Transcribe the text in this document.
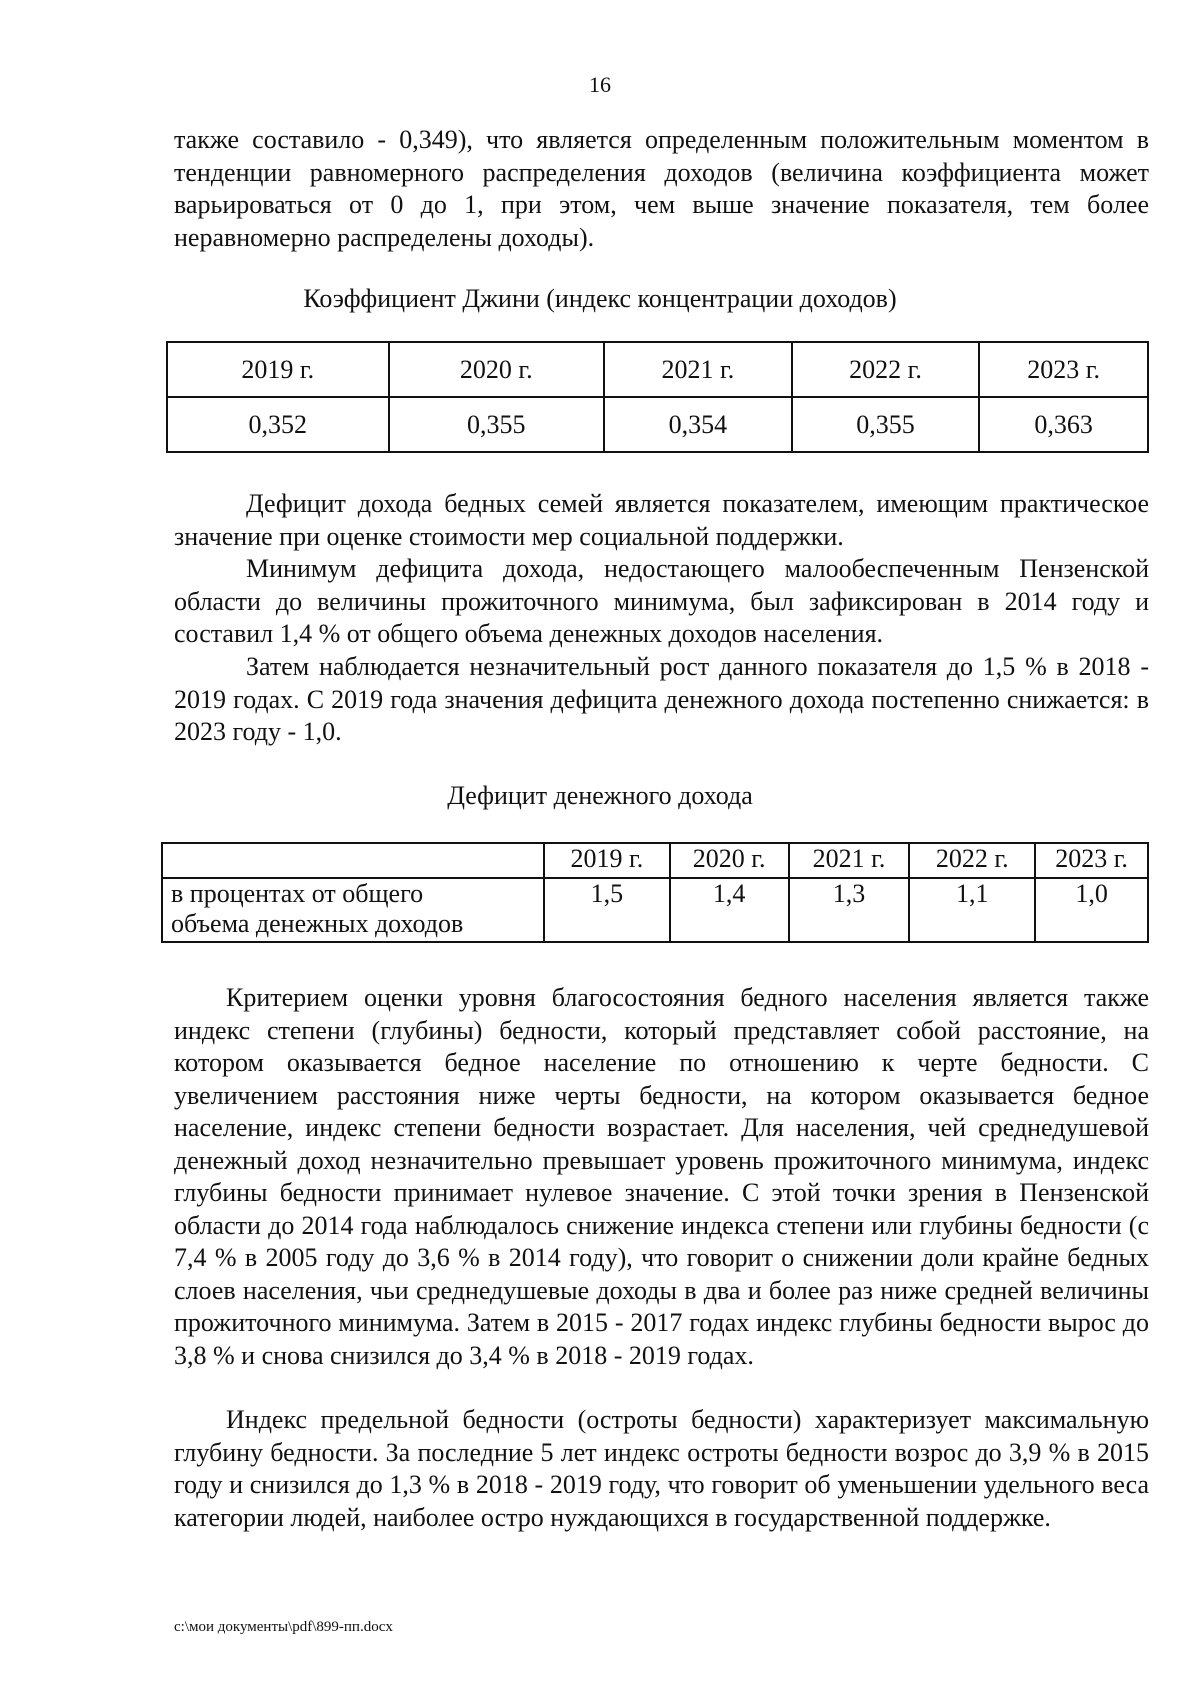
16

также составило - 0,349), что является определенным положительным моментом в тенденции равномерного распределения доходов (величина коэффициента может варьироваться от 0 до 1, при этом, чем выше значение показателя, тем более неравномерно распределены доходы).

Коэффициент Джини (индекс концентрации доходов)

2019 г.	2020 г.	2021 г.	2022 г.	2023 г.
0,352	0,355	0,354	0,355	0,363

Дефицит дохода бедных семей является показателем, имеющим практическое значение при оценке стоимости мер социальной поддержки.

Минимум дефицита дохода, недостающего малообеспеченным Пензенской области до величины прожиточного минимума, был зафиксирован в 2014 году и составил 1,4 % от общего объема денежных доходов населения.

Затем наблюдается незначительный рост данного показателя до 1,5 % в 2018 - 2019 годах. С 2019 года значения дефицита денежного дохода постепенно снижается: в 2023 году - 1,0.

Дефицит денежного дохода

	2019 г.	2020 г.	2021 г.	2022 г.	2023 г.

в процентах от общего
объема денежных доходов	1,5	1,4	1,3	1,1	1,0

Критерием оценки уровня благосостояния бедного населения является также индекс степени (глубины) бедности, который представляет собой расстояние, на котором оказывается бедное население по отношению к черте бедности. С увеличением расстояния ниже черты бедности, на котором оказывается бедное население, индекс степени бедности возрастает. Для населения, чей среднедушевой денежный доход незначительно превышает уровень прожиточного минимума, индекс глубины бедности принимает нулевое значение. С этой точки зрения в Пензенской области до 2014 года наблюдалось снижение индекса степени или глубины бедности (с 7,4 % в 2005 году до 3,6 % в 2014 году), что говорит о снижении доли крайне бедных слоев населения, чьи среднедушевые доходы в два и более раз ниже средней величины прожиточного минимума. Затем в 2015 - 2017 годах индекс глубины бедности вырос до 3,8 % и снова снизился до 3,4 % в 2018 - 2019 годах.

Индекс предельной бедности (остроты бедности) характеризует максимальную глубину бедности. За последние 5 лет индекс остроты бедности возрос до 3,9 % в 2015 году и снизился до 1,3 % в 2018 - 2019 году, что говорит об уменьшении удельного веса категории людей, наиболее остро нуждающихся в государственной поддержке.

c:\мои документы\pdf\899-пп.docx
